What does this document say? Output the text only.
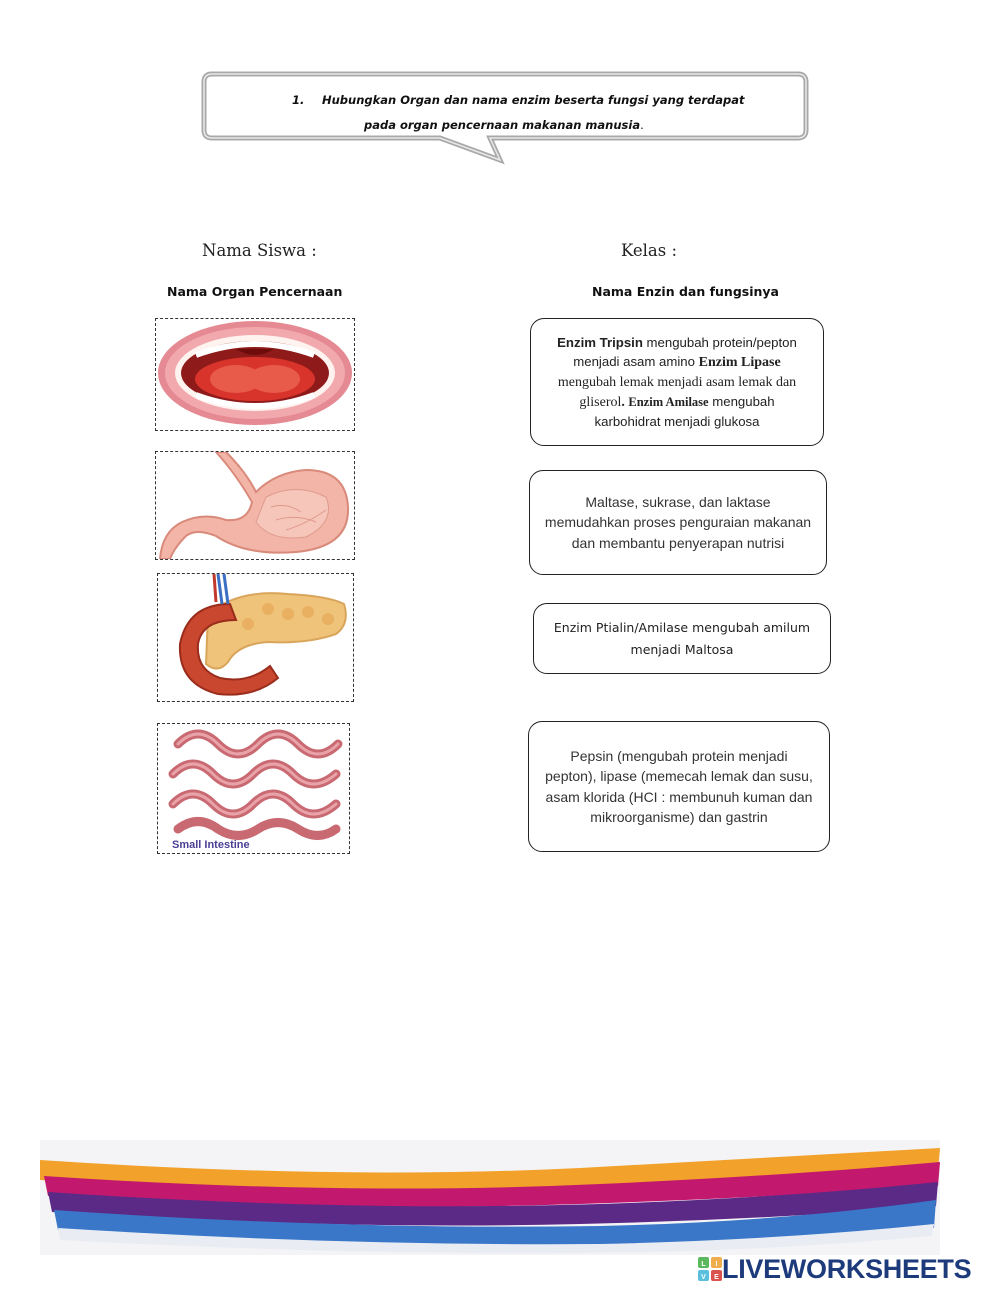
1. Hubungkan Organ dan nama enzim beserta fungsi yang terdapat
pada organ pencernaan makanan manusia.
Nama Siswa :	Kelas :
Nama Organ Pencernaan	Nama Enzin dan fungsinya
Small Intestine
Enzim Tripsin mengubah protein/pepton menjadi asam amino Enzim Lipase mengubah lemak menjadi asam lemak dan gliserol. Enzim Amilase mengubah karbohidrat menjadi glukosa
Maltase, sukrase, dan laktase memudahkan proses penguraian makanan dan membantu penyerapan nutrisi
Enzim Ptialin/Amilase mengubah amilum menjadi Maltosa
Pepsin (mengubah protein menjadi pepton), lipase (memecah lemak dan susu, asam klorida (HCI : membunuh kuman dan mikroorganisme) dan gastrin
L I
V E LIVEWORKSHEETS
